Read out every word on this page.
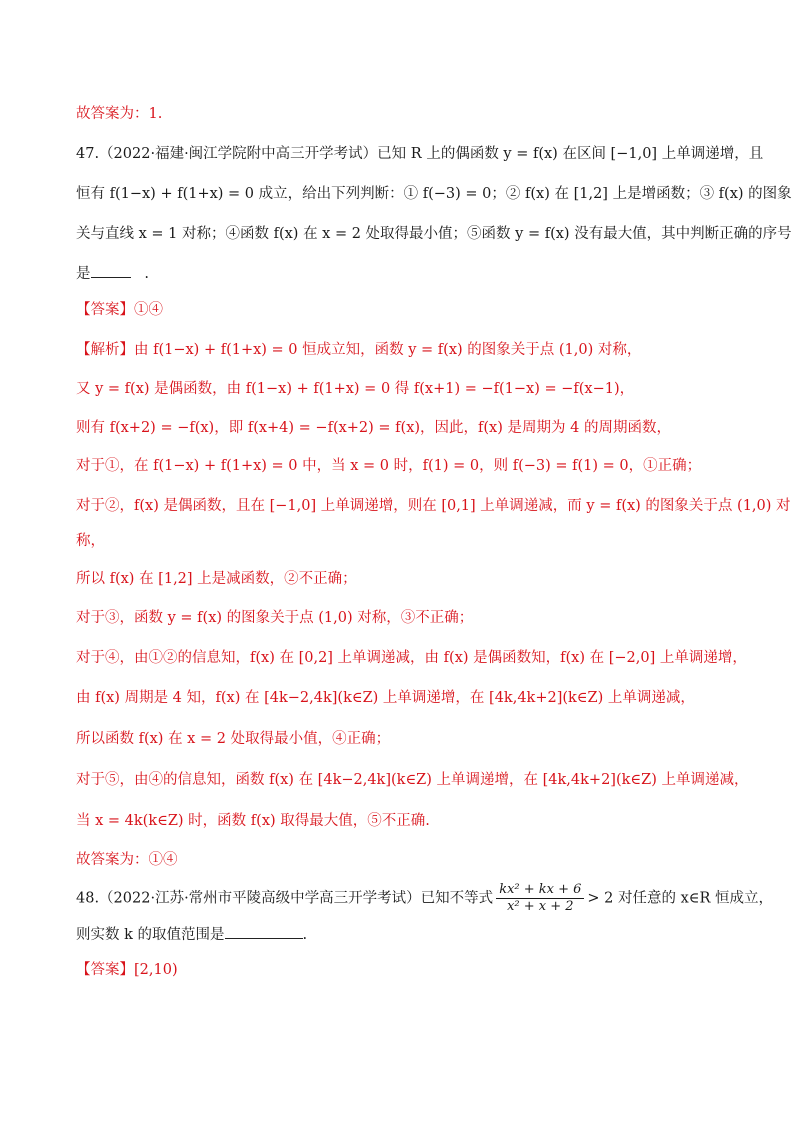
故答案为：1.
47.（2022·福建·闽江学院附中高三开学考试）已知 R 上的偶函数 y = f(x) 在区间 [−1,0] 上单调递增，且
恒有 f(1−x) + f(1+x) = 0 成立，给出下列判断：① f(−3) = 0；② f(x) 在 [1,2] 上是增函数；③ f(x) 的图象
关与直线 x = 1 对称；④函数 f(x) 在 x = 2 处取得最小值；⑤函数 y = f(x) 没有最大值，其中判断正确的序号
是	.
【答案】①④
【解析】由 f(1−x) + f(1+x) = 0 恒成立知，函数 y = f(x) 的图象关于点 (1,0) 对称，
又 y = f(x) 是偶函数，由 f(1−x) + f(1+x) = 0 得 f(x+1) = −f(1−x) = −f(x−1)，
则有 f(x+2) = −f(x)，即 f(x+4) = −f(x+2) = f(x)，因此，f(x) 是周期为 4 的周期函数，
对于①，在 f(1−x) + f(1+x) = 0 中，当 x = 0 时，f(1) = 0，则 f(−3) = f(1) = 0，①正确；
对于②，f(x) 是偶函数，且在 [−1,0] 上单调递增，则在 [0,1] 上单调递减，而 y = f(x) 的图象关于点 (1,0) 对
称，
所以 f(x) 在 [1,2] 上是减函数，②不正确；
对于③，函数 y = f(x) 的图象关于点 (1,0) 对称，③不正确；
对于④，由①②的信息知，f(x) 在 [0,2] 上单调递减，由 f(x) 是偶函数知，f(x) 在 [−2,0] 上单调递增，
由 f(x) 周期是 4 知，f(x) 在 [4k−2,4k](k∈Z) 上单调递增，在 [4k,4k+2](k∈Z) 上单调递减，
所以函数 f(x) 在 x = 2 处取得最小值，④正确；
对于⑤，由④的信息知，函数 f(x) 在 [4k−2,4k](k∈Z) 上单调递增，在 [4k,4k+2](k∈Z) 上单调递减，
当 x = 4k(k∈Z) 时，函数 f(x) 取得最大值，⑤不正确.
故答案为：①④
48.（2022·江苏·常州市平陵高级中学高三开学考试）已知不等式 $\frac{\text{kx² + kx + 6}}{\text{x² + x + 2}} > 2$ 对任意的 x∈R 恒成立，
则实数 k 的取值范围是	.
【答案】[2,10)
